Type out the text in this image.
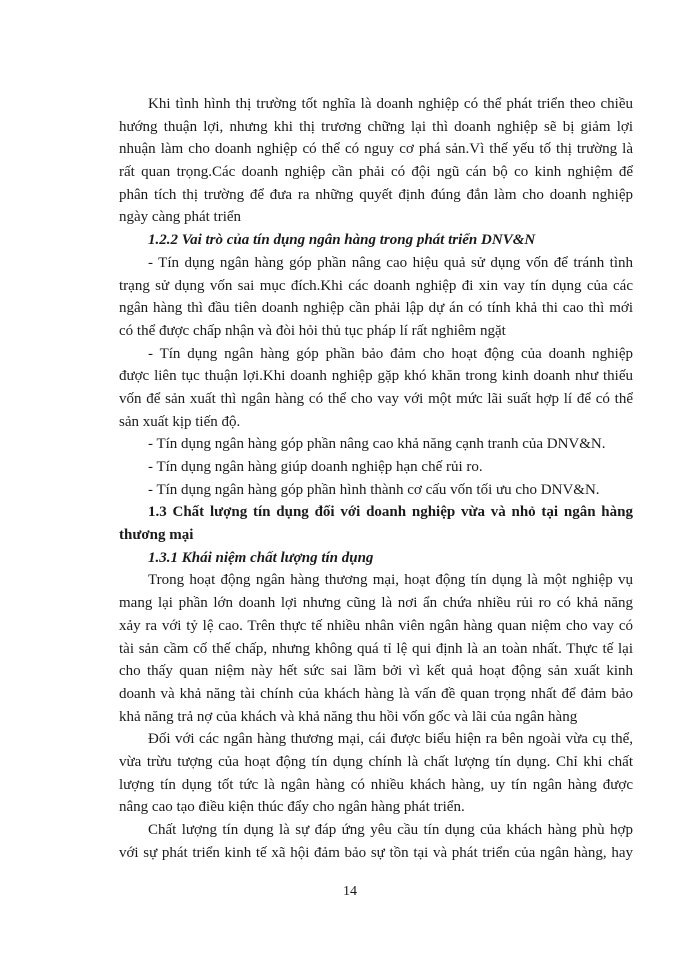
Khi tình hình thị trường tốt nghĩa là doanh nghiệp có thể phát triển theo chiều
hướng thuận lợi, nhưng khi thị trương chững lại thì doanh nghiệp sẽ bị giảm lợi
nhuận làm cho doanh nghiệp có thể có nguy cơ phá sản.Vì thế yếu tố thị trường là
rất quan trọng.Các doanh nghiệp cần phải có đội ngũ cán bộ co kinh nghiệm để
phân tích thị trường để đưa ra những quyết định đúng đắn làm cho doanh nghiệp
ngày càng phát triển
1.2.2 Vai trò của tín dụng ngân hàng trong phát triển DNV&N
- Tín dụng ngân hàng góp phần nâng cao hiệu quả sử dụng vốn để tránh tình
trạng sử dụng vốn sai mục đích.Khi các doanh nghiệp đi xin vay tín dụng của các
ngân hàng thì đầu tiên doanh nghiệp cần phải lập dự án có tính khả thi cao thì mới
có thể được chấp nhận và đòi hỏi thủ tục pháp lí rất nghiêm ngặt
- Tín dụng ngân hàng góp phần bảo đảm cho hoạt động của doanh nghiệp
được liên tục thuận lợi.Khi doanh nghiệp gặp khó khăn trong kinh doanh như thiếu
vốn để sản xuất thì ngân hàng có thể cho vay với một mức lãi suất hợp lí để có thể
sản xuất kịp tiến độ.
- Tín dụng ngân hàng góp phần nâng cao khả năng cạnh tranh của DNV&N.
- Tín dụng ngân hàng giúp doanh nghiệp hạn chế rủi ro.
- Tín dụng ngân hàng góp phần hình thành cơ cấu vốn tối ưu cho DNV&N.
1.3 Chất lượng tín dụng đối với doanh nghiệp vừa và nhỏ tại ngân hàng
thương mại
1.3.1 Khái niệm chất lượng tín dụng
Trong hoạt động ngân hàng thương mại, hoạt động tín dụng là một nghiệp vụ
mang lại phần lớn doanh lợi nhưng cũng là nơi ẩn chứa nhiều rủi ro có khả năng
xảy ra với tỷ lệ cao. Trên thực tế nhiều nhân viên ngân hàng quan niệm cho vay có
tài sản cầm cố thế chấp, nhưng không quá tỉ lệ qui định là an toàn nhất. Thực tế lại
cho thấy quan niệm này hết sức sai lầm bởi vì kết quả hoạt động sản xuất kinh
doanh và khả năng tài chính của khách hàng là vấn đề quan trọng nhất để đảm bảo
khả năng trả nợ của khách và khả năng thu hồi vốn gốc và lãi của ngân hàng
Đối với các ngân hàng thương mại, cái được biểu hiện ra bên ngoài vừa cụ thể,
vừa trừu tượng của hoạt động tín dụng chính là chất lượng tín dụng. Chỉ khi chất
lượng tín dụng tốt tức là ngân hàng có nhiều khách hàng, uy tín ngân hàng được
nâng cao tạo điều kiện thúc đẩy cho ngân hàng phát triển.
Chất lượng tín dụng là sự đáp ứng yêu cầu tín dụng của khách hàng phù hợp
với sự phát triển kinh tế xã hội đảm bảo sự tồn tại và phát triển của ngân hàng, hay
14
